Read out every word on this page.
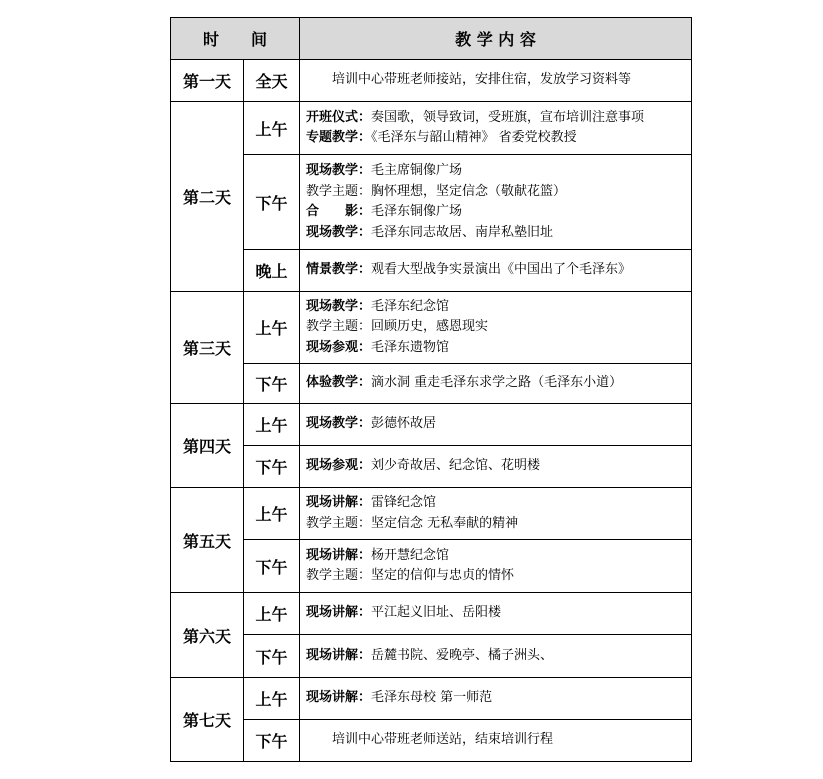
时　　间		教 学 内 容
第一天	全天	培训中心带班老师接站，安排住宿，发放学习资料等

第二天	上午	开班仪式：奏国歌，领导致词，受班旗，宣布培训注意事项
专题教学：《毛泽东与韶山精神》 省委党校教授

	下午	现场教学：毛主席铜像广场
教学主题：胸怀理想，坚定信念（敬献花篮）
合　　影：毛泽东铜像广场
现场教学：毛泽东同志故居、南岸私塾旧址

	晚上	情景教学：观看大型战争实景演出《中国出了个毛泽东》

第三天	上午	现场教学：毛泽东纪念馆
教学主题：回顾历史，感恩现实
现场参观：毛泽东遗物馆

	下午	体验教学：滴水洞 重走毛泽东求学之路（毛泽东小道）

第四天	上午	现场教学：彭德怀故居

	下午	现场参观：刘少奇故居、纪念馆、花明楼

第五天	上午	现场讲解：雷锋纪念馆
教学主题：坚定信念 无私奉献的精神

	下午	现场讲解：杨开慧纪念馆
教学主题：坚定的信仰与忠贞的情怀

第六天	上午	现场讲解：平江起义旧址、岳阳楼

	下午	现场讲解：岳麓书院、爱晚亭、橘子洲头、

第七天	上午	现场讲解：毛泽东母校 第一师范

	下午	培训中心带班老师送站，结束培训行程
